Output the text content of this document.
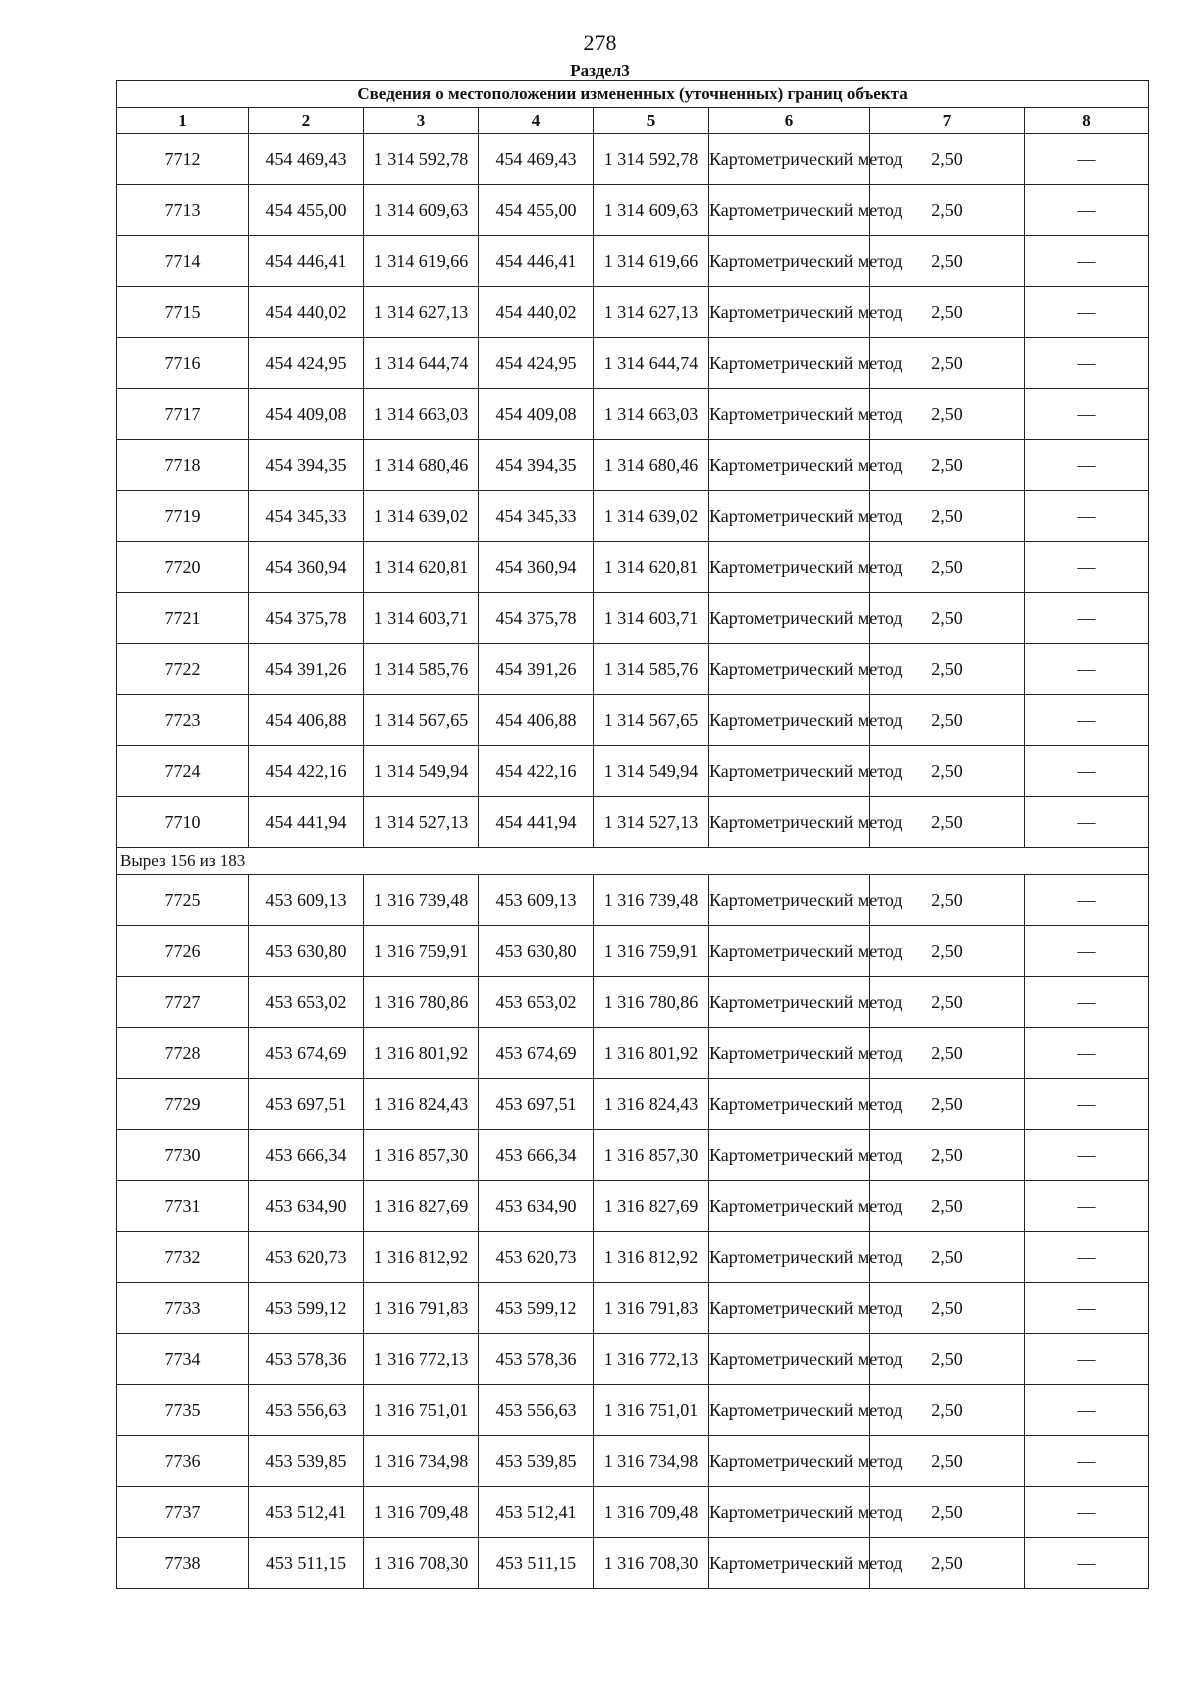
278
Раздел3
Сведения о местоположении измененных (уточненных) границ объекта							
1	2	3	4	5	6	7	8
7712	454 469,43	1 314 592,78	454 469,43	1 314 592,78	Картометрический метод	2,50	—
7713	454 455,00	1 314 609,63	454 455,00	1 314 609,63	Картометрический метод	2,50	—
7714	454 446,41	1 314 619,66	454 446,41	1 314 619,66	Картометрический метод	2,50	—
7715	454 440,02	1 314 627,13	454 440,02	1 314 627,13	Картометрический метод	2,50	—
7716	454 424,95	1 314 644,74	454 424,95	1 314 644,74	Картометрический метод	2,50	—
7717	454 409,08	1 314 663,03	454 409,08	1 314 663,03	Картометрический метод	2,50	—
7718	454 394,35	1 314 680,46	454 394,35	1 314 680,46	Картометрический метод	2,50	—
7719	454 345,33	1 314 639,02	454 345,33	1 314 639,02	Картометрический метод	2,50	—
7720	454 360,94	1 314 620,81	454 360,94	1 314 620,81	Картометрический метод	2,50	—
7721	454 375,78	1 314 603,71	454 375,78	1 314 603,71	Картометрический метод	2,50	—
7722	454 391,26	1 314 585,76	454 391,26	1 314 585,76	Картометрический метод	2,50	—
7723	454 406,88	1 314 567,65	454 406,88	1 314 567,65	Картометрический метод	2,50	—
7724	454 422,16	1 314 549,94	454 422,16	1 314 549,94	Картометрический метод	2,50	—
7710	454 441,94	1 314 527,13	454 441,94	1 314 527,13	Картометрический метод	2,50	—
Вырез 156 из 183							
7725	453 609,13	1 316 739,48	453 609,13	1 316 739,48	Картометрический метод	2,50	—
7726	453 630,80	1 316 759,91	453 630,80	1 316 759,91	Картометрический метод	2,50	—
7727	453 653,02	1 316 780,86	453 653,02	1 316 780,86	Картометрический метод	2,50	—
7728	453 674,69	1 316 801,92	453 674,69	1 316 801,92	Картометрический метод	2,50	—
7729	453 697,51	1 316 824,43	453 697,51	1 316 824,43	Картометрический метод	2,50	—
7730	453 666,34	1 316 857,30	453 666,34	1 316 857,30	Картометрический метод	2,50	—
7731	453 634,90	1 316 827,69	453 634,90	1 316 827,69	Картометрический метод	2,50	—
7732	453 620,73	1 316 812,92	453 620,73	1 316 812,92	Картометрический метод	2,50	—
7733	453 599,12	1 316 791,83	453 599,12	1 316 791,83	Картометрический метод	2,50	—
7734	453 578,36	1 316 772,13	453 578,36	1 316 772,13	Картометрический метод	2,50	—
7735	453 556,63	1 316 751,01	453 556,63	1 316 751,01	Картометрический метод	2,50	—
7736	453 539,85	1 316 734,98	453 539,85	1 316 734,98	Картометрический метод	2,50	—
7737	453 512,41	1 316 709,48	453 512,41	1 316 709,48	Картометрический метод	2,50	—
7738	453 511,15	1 316 708,30	453 511,15	1 316 708,30	Картометрический метод	2,50	—
